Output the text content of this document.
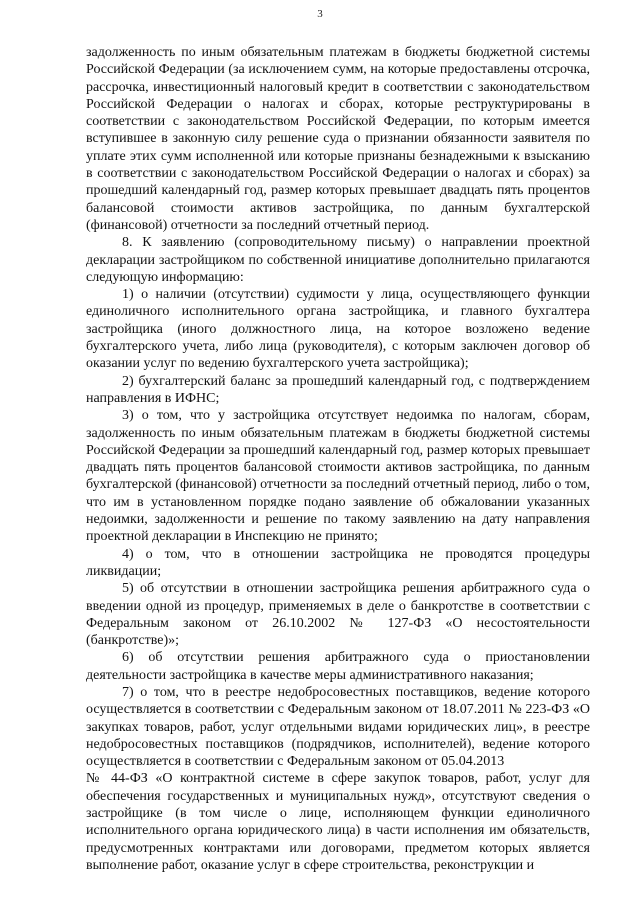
3

задолженность по иным обязательным платежам в бюджеты бюджетной системы Российской Федерации (за исключением сумм, на которые предоставлены отсрочка, рассрочка, инвестиционный налоговый кредит в соответствии с законодательством Российской Федерации о налогах и сборах, которые реструктурированы в соответствии с законодательством Российской Федерации, по которым имеется вступившее в законную силу решение суда о признании обязанности заявителя по уплате этих сумм исполненной или которые признаны безнадежными к взысканию в соответствии с законодательством Российской Федерации о налогах и сборах) за прошедший календарный год, размер которых превышает двадцать пять процентов балансовой стоимости активов застройщика, по данным бухгалтерской (финансовой) отчетности за последний отчетный период.

8. К заявлению (сопроводительному письму) о направлении проектной декларации застройщиком по собственной инициативе дополнительно прилагаются следующую информацию:

1) о наличии (отсутствии) судимости у лица, осуществляющего функции единоличного исполнительного органа застройщика, и главного бухгалтера застройщика (иного должностного лица, на которое возложено ведение бухгалтерского учета, либо лица (руководителя), с которым заключен договор об оказании услуг по ведению бухгалтерского учета застройщика);

2) бухгалтерский баланс за прошедший календарный год, с подтверждением направления в ИФНС;

3) о том, что у застройщика отсутствует недоимка по налогам, сборам, задолженность по иным обязательным платежам в бюджеты бюджетной системы Российской Федерации за прошедший календарный год, размер которых превышает двадцать пять процентов балансовой стоимости активов застройщика, по данным бухгалтерской (финансовой) отчетности за последний отчетный период, либо о том, что им в установленном порядке подано заявление об обжаловании указанных недоимки, задолженности и решение по такому заявлению на дату направления проектной декларации в Инспекцию не принято;

4) о том, что в отношении застройщика не проводятся процедуры ликвидации;

5) об отсутствии в отношении застройщика решения арбитражного суда о введении одной из процедур, применяемых в деле о банкротстве в соответствии с Федеральным законом от 26.10.2002 № 127-ФЗ «О несостоятельности (банкротстве)»;

6) об отсутствии решения арбитражного суда о приостановлении деятельности застройщика в качестве меры административного наказания;

7) о том, что в реестре недобросовестных поставщиков, ведение которого осуществляется в соответствии с Федеральным законом от 18.07.2011 № 223-ФЗ «О закупках товаров, работ, услуг отдельными видами юридических лиц», в реестре недобросовестных поставщиков (подрядчиков, исполнителей), ведение которого осуществляется в соответствии с Федеральным законом от 05.04.2013

№ 44-ФЗ «О контрактной системе в сфере закупок товаров, работ, услуг для обеспечения государственных и муниципальных нужд», отсутствуют сведения о застройщике (в том числе о лице, исполняющем функции единоличного исполнительного органа юридического лица) в части исполнения им обязательств, предусмотренных контрактами или договорами, предметом которых является выполнение работ, оказание услуг в сфере строительства, реконструкции и
